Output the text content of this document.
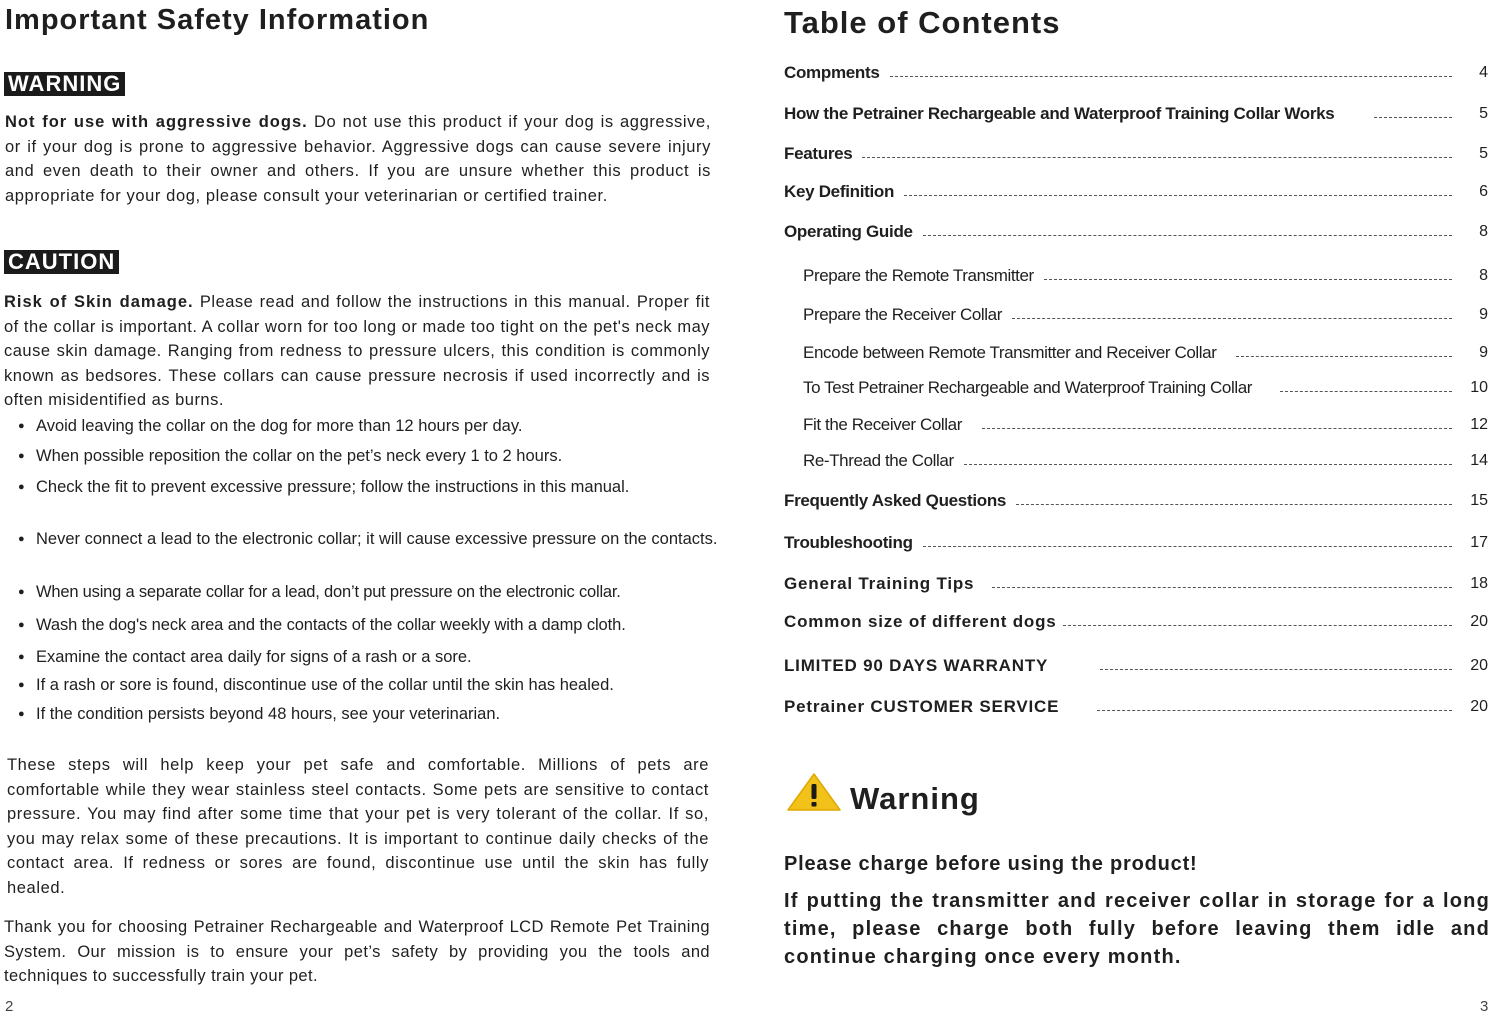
Important Safety Information
WARNING

Not for use with aggressive dogs. Do not use this product if your dog is aggressive, or if your dog is prone to aggressive behavior. Aggressive dogs can cause severe injury and even death to their owner and others. If you are unsure whether this product is appropriate for your dog, please consult your veterinarian or certified trainer.

CAUTION

Risk of Skin damage. Please read and follow the instructions in this manual. Proper fit of the collar is important. A collar worn for too long or made too tight on the pet's neck may cause skin damage. Ranging from redness to pressure ulcers, this condition is commonly known as bedsores. These collars can cause pressure necrosis if used incorrectly and is often misidentified as burns.

● Avoid leaving the collar on the dog for more than 12 hours per day.
● When possible reposition the collar on the pet’s neck every 1 to 2 hours.
● Check the fit to prevent excessive pressure; follow the instructions in this manual.
● Never connect a lead to the electronic collar; it will cause excessive pressure on the contacts.
● When using a separate collar for a lead, don’t put pressure on the electronic collar.
● Wash the dog's neck area and the contacts of the collar weekly with a damp cloth.
● Examine the contact area daily for signs of a rash or a sore.
● If a rash or sore is found, discontinue use of the collar until the skin has healed.
● If the condition persists beyond 48 hours, see your veterinarian.

These steps will help keep your pet safe and comfortable. Millions of pets are comfortable while they wear stainless steel contacts. Some pets are sensitive to contact pressure. You may find after some time that your pet is very tolerant of the collar. If so, you may relax some of these precautions. It is important to continue daily checks of the contact area. If redness or sores are found, discontinue use until the skin has fully healed.

Thank you for choosing Petrainer Rechargeable and Waterproof LCD Remote Pet Training System. Our mission is to ensure your pet’s safety by providing you the tools and techniques to successfully train your pet.

2
Table of Contents
Compments	4
How the Petrainer Rechargeable and Waterproof Training Collar Works	5
Features	5
Key Definition	6
Operating Guide	8
Prepare the Remote Transmitter	8
Prepare the Receiver Collar	9
Encode between Remote Transmitter and Receiver Collar	9
To Test Petrainer Rechargeable and Waterproof Training Collar	10
Fit the Receiver Collar	12
Re-Thread the Collar	14
Frequently Asked Questions	15
Troubleshooting	17
General Training Tips	18
Common size of different dogs	20
LIMITED 90 DAYS WARRANTY	20
Petrainer CUSTOMER SERVICE	20
Warning
Please charge before using the product!
If putting the transmitter and receiver collar in storage for a long time, please charge both fully before leaving them idle and continue charging once every month.
3
